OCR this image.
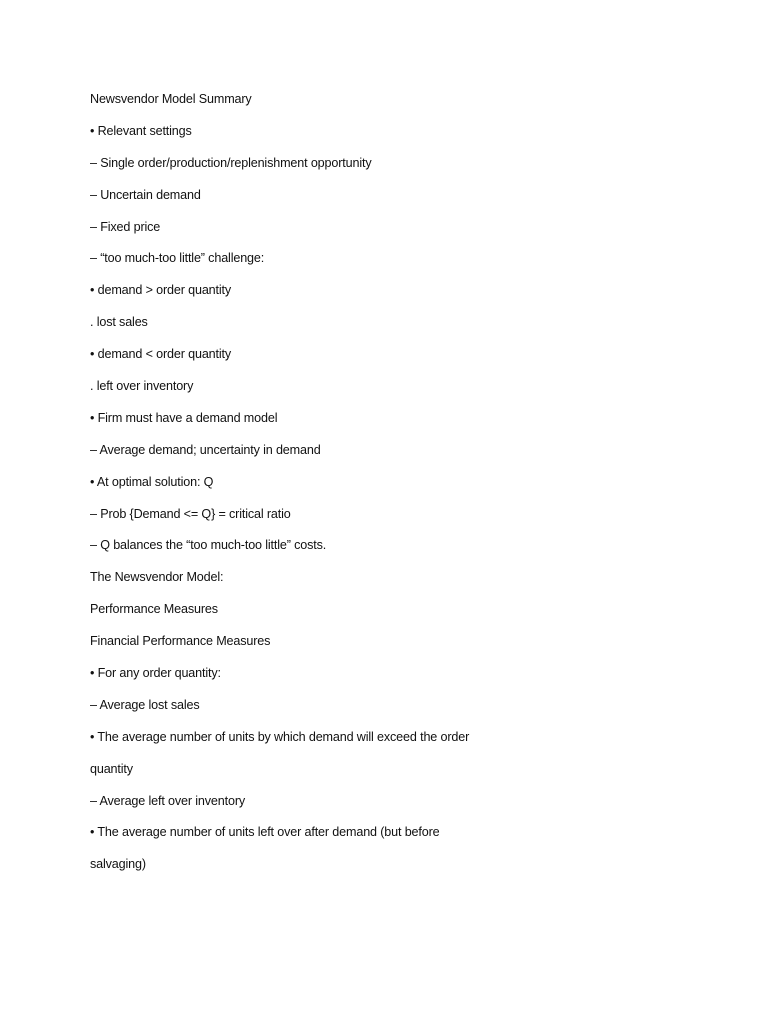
Newsvendor Model Summary
• Relevant settings
– Single order/production/replenishment opportunity
– Uncertain demand
– Fixed price
– “too much-too little” challenge:
• demand > order quantity
. lost sales
• demand < order quantity
. left over inventory
• Firm must have a demand model
– Average demand; uncertainty in demand
• At optimal solution: Q
– Prob {Demand <= Q} = critical ratio
– Q balances the “too much-too little” costs.
The Newsvendor Model:
Performance Measures
Financial Performance Measures
• For any order quantity:
– Average lost sales
• The average number of units by which demand will exceed the order
quantity
– Average left over inventory
• The average number of units left over after demand (but before
salvaging)
